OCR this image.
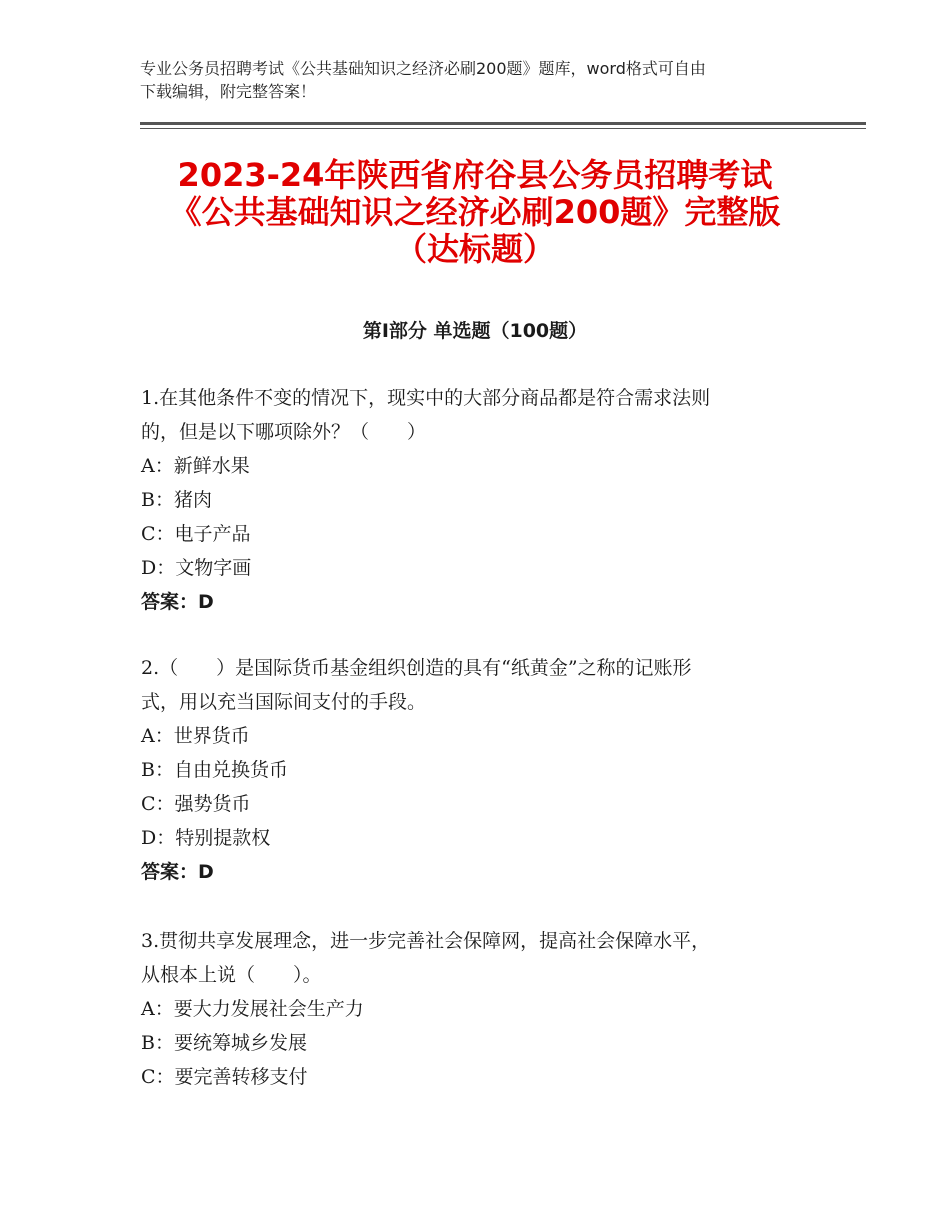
专业公务员招聘考试《公共基础知识之经济必刷200题》题库，word格式可自由
下载编辑，附完整答案！
2023-24年陕西省府谷县公务员招聘考试
《公共基础知识之经济必刷200题》完整版
（达标题）
第Ⅰ部分 单选题（100题）
1.在其他条件不变的情况下，现实中的大部分商品都是符合需求法则
的，但是以下哪项除外？（　　）
A：新鲜水果
B：猪肉
C：电子产品
D：文物字画
答案：D
2.（　　）是国际货币基金组织创造的具有“纸黄金”之称的记账形
式，用以充当国际间支付的手段。
A：世界货币
B：自由兑换货币
C：强势货币
D：特别提款权
答案：D
3.贯彻共享发展理念，进一步完善社会保障网，提高社会保障水平，
从根本上说（　　）。
A：要大力发展社会生产力
B：要统筹城乡发展
C：要完善转移支付
